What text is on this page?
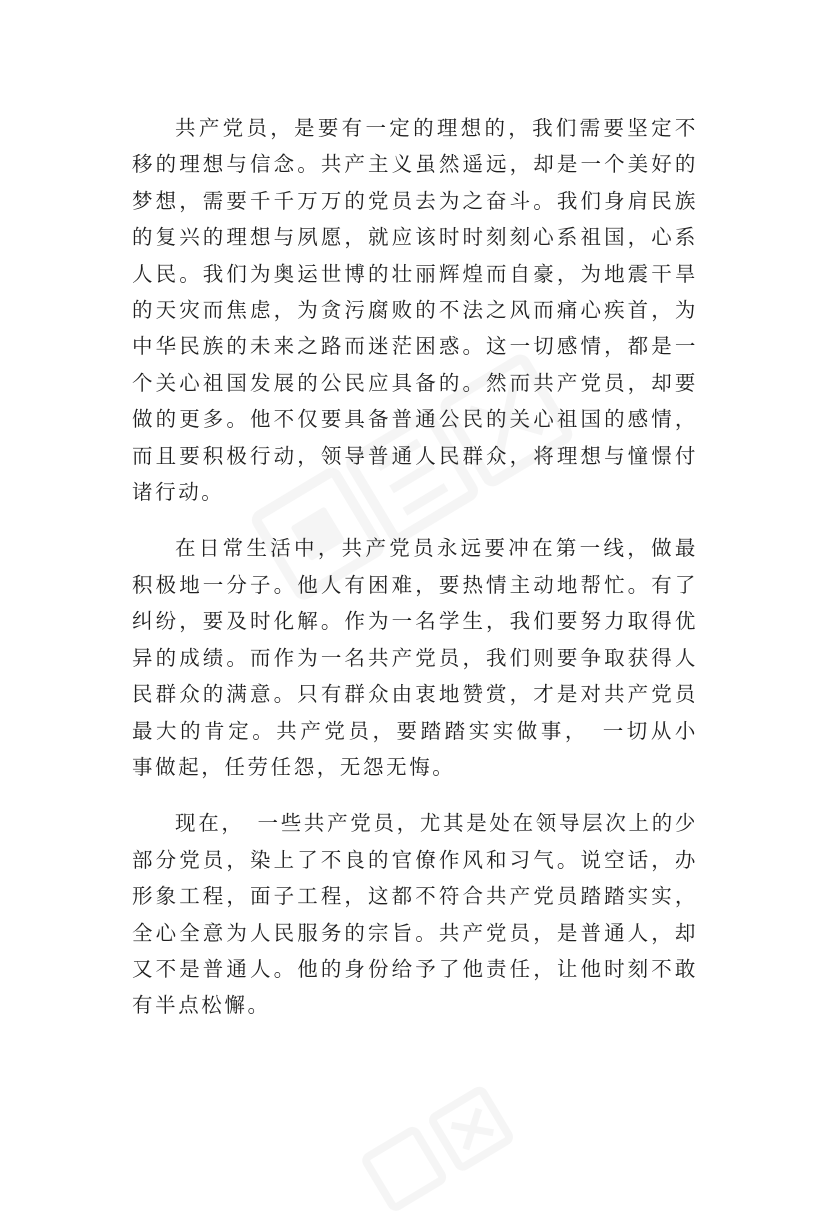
共产党员，是要有一定的理想的，我们需要坚定不移的理想与信念。共产主义虽然遥远，却是一个美好的梦想，需要千千万万的党员去为之奋斗。我们身肩民族的复兴的理想与夙愿，就应该时时刻刻心系祖国，心系人民。我们为奥运世博的壮丽辉煌而自豪，为地震干旱的天灾而焦虑，为贪污腐败的不法之风而痛心疾首，为中华民族的未来之路而迷茫困惑。这一切感情，都是一个关心祖国发展的公民应具备的。然而共产党员，却要做的更多。他不仅要具备普通公民的关心祖国的感情，而且要积极行动，领导普通人民群众，将理想与憧憬付诸行动。

在日常生活中，共产党员永远要冲在第一线，做最积极地一分子。他人有困难，要热情主动地帮忙。有了纠纷，要及时化解。作为一名学生，我们要努力取得优异的成绩。而作为一名共产党员，我们则要争取获得人民群众的满意。只有群众由衷地赞赏，才是对共产党员最大的肯定。共产党员，要踏踏实实做事，　一切从小事做起，任劳任怨，无怨无悔。

现在，　一些共产党员，尤其是处在领导层次上的少部分党员，染上了不良的官僚作风和习气。说空话，办形象工程，面子工程，这都不符合共产党员踏踏实实，全心全意为人民服务的宗旨。共产党员，是普通人，却又不是普通人。他的身份给予了他责任，让他时刻不敢有半点松懈。
